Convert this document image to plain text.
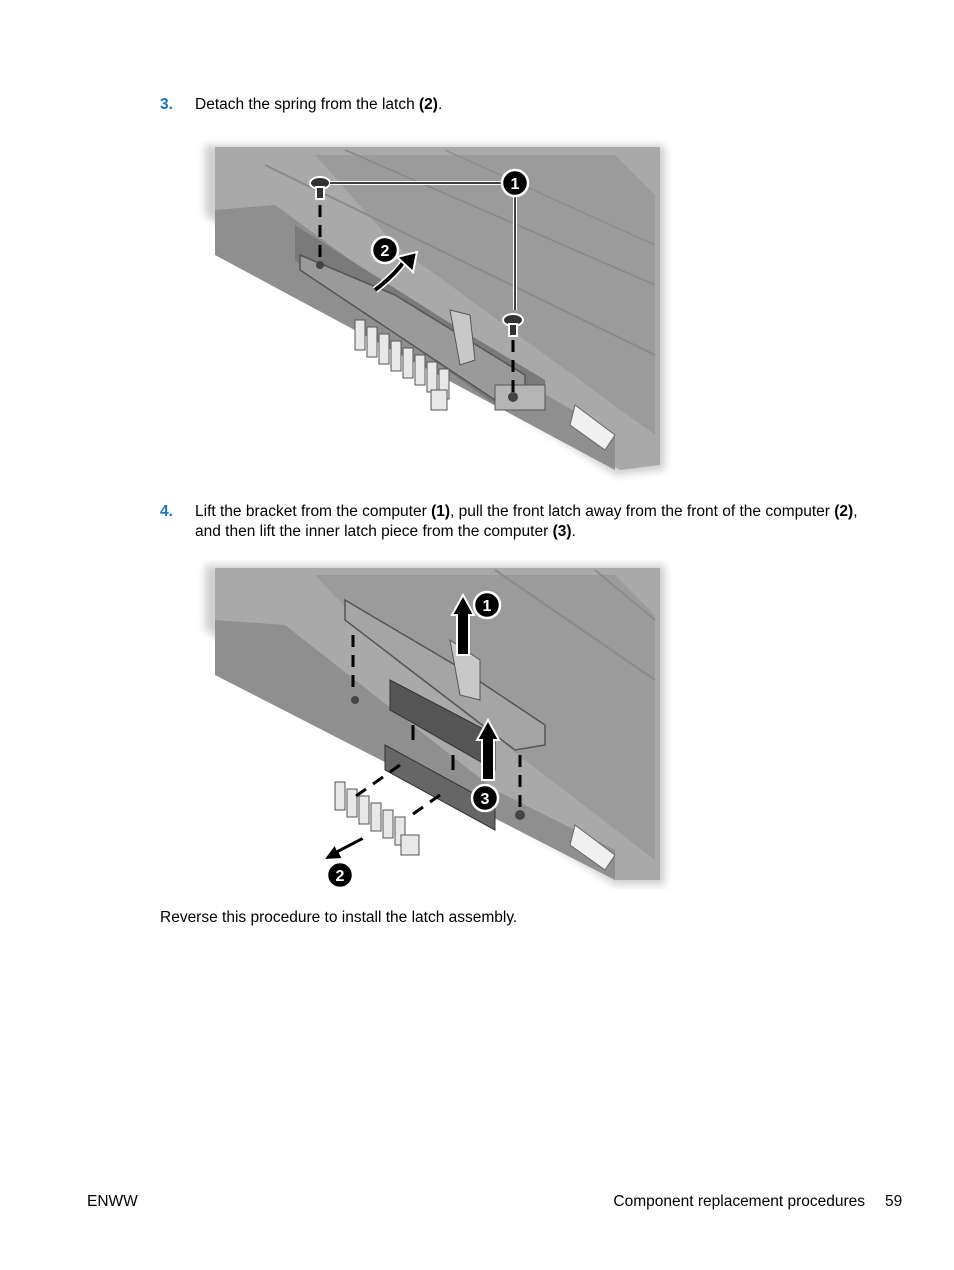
3. Detach the spring from the latch (2).
1
2
4. Lift the bracket from the computer (1), pull the front latch away from the front of the computer (2),
and then lift the inner latch piece from the computer (3).
1
2
3
Reverse this procedure to install the latch assembly.
ENWW	Component replacement procedures 59
